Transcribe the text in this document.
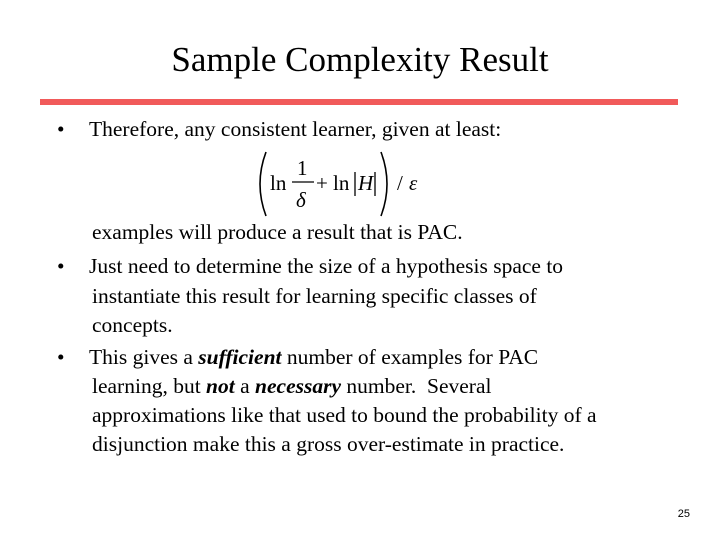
Sample Complexity Result
•	Therefore, any consistent learner, given at least:
ln
1
δ
+ ln H / ε
examples will produce a result that is PAC.
•	Just need to determine the size of a hypothesis space to
instantiate this result for learning specific classes of
concepts.
•	This gives a sufficient number of examples for PAC
learning, but not a necessary number.  Several
approximations like that used to bound the probability of a
disjunction make this a gross over-estimate in practice.
25
